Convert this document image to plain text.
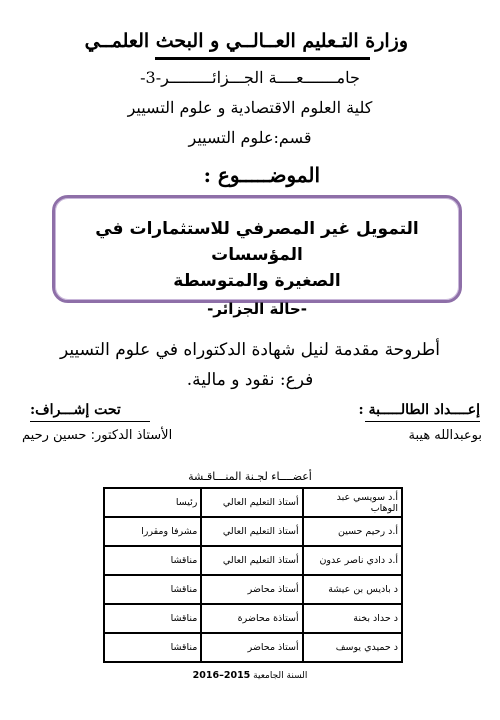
وزارة التـعليم العــالــي و البحث العلمــي
جامـــــــعــــة الجـــزائـــــــــر-3-
كلية العلوم الاقتصادية و علوم التسيير
قسم:علوم التسيير
الموضـــــوع :
التمويل غير المصرفي للاستثمارات في المؤسسات
الصغيرة والمتوسطة
-حالة الجزائر-
أطروحة مقدمة لنيل شهادة الدكتوراه في علوم التسيير
فرع: نقود و مالية.
إعــــداد الطالـــــبة :
تحت إشـــراف:
بوعبدالله هيبة
الأستاذ الدكتور: حسين رحيم
أعضــــاء لجـنة المنـــاقـشة
أ.د سويسي عبد الوهاب	أستاذ التعليم العالي	رئيسا
أ.د رحيم حسين	أستاذ التعليم العالي	مشرفا ومقررا
أ.د دادي ناصر عدون	أستاذ التعليم العالي	مناقشا
د باديس بن عيشة	أستاذ محاضر	مناقشا
د حداد بخنة	أستاذة محاضرة	مناقشا
د حميدي يوسف	أستاذ محاضر	مناقشا
السنة الجامعية 2015–2016
